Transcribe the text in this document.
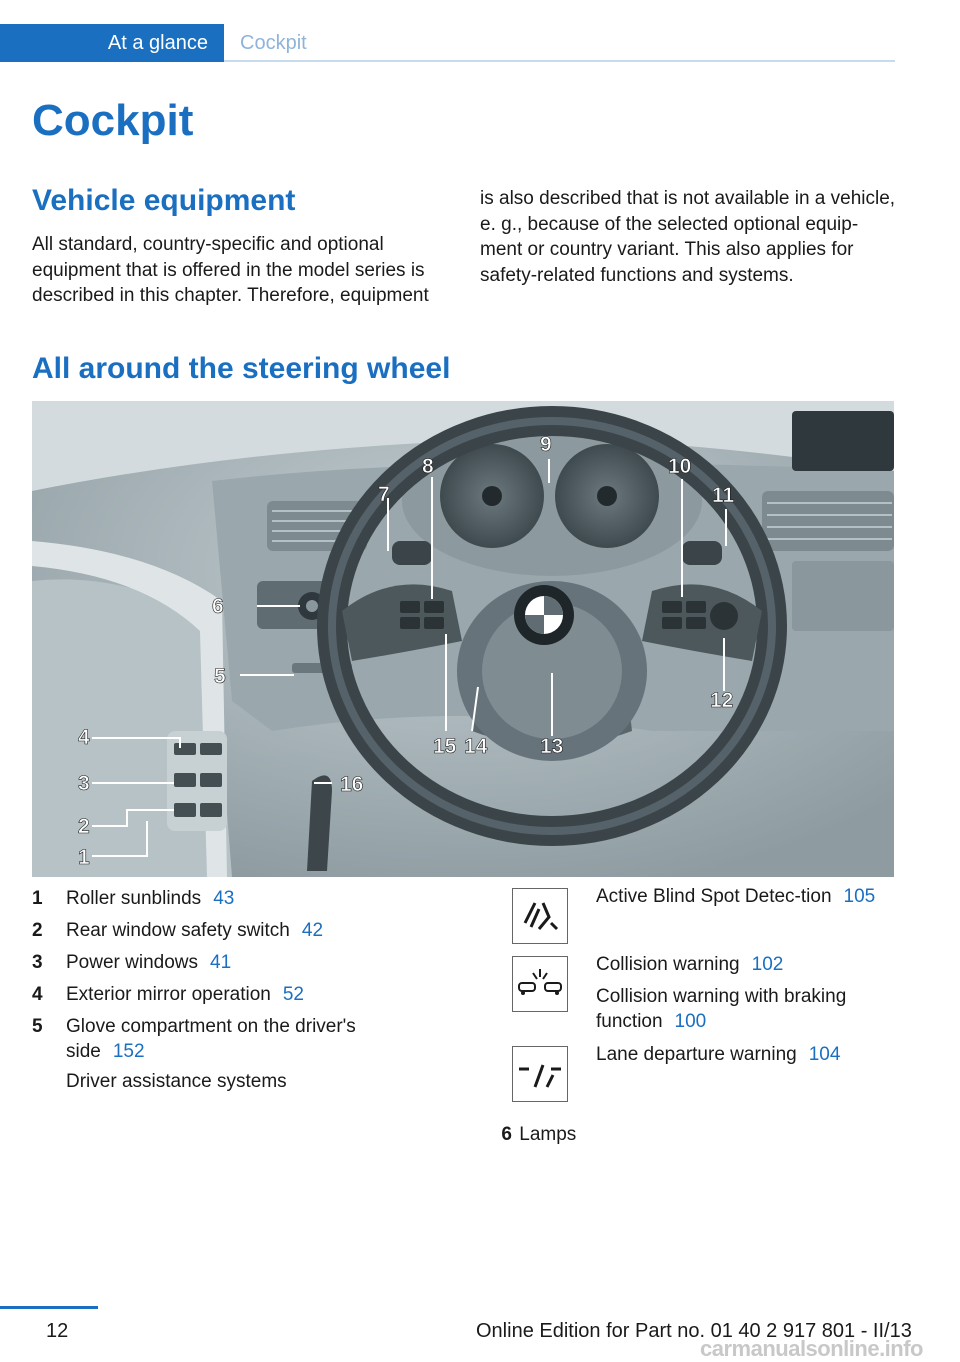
At a glance	Cockpit
Cockpit
Vehicle equipment

All standard, country-specific and optional equipment that is offered in the model series is described in this chapter. Therefore, equipment

is also described that is not available in a vehicle, e. g., because of the selected optional equip‐ment or country variant. This also applies for safety-related functions and systems.

All around the steering wheel
4
3
2
1
5
6
7
8
9
10
11
12
13
14
15
16
1 Roller sunblinds 43
2 Rear window safety switch 42
3 Power windows 41
4 Exterior mirror operation 52
5 Glove compartment on the driver's side 152
Driver assistance systems

Active Blind Spot Detec‐tion 105

Collision warning 102

Collision warning with braking function 100

Lane departure warning 104

6 Lamps
12	Online Edition for Part no. 01 40 2 917 801 - II/13
carmanualsonline.info
